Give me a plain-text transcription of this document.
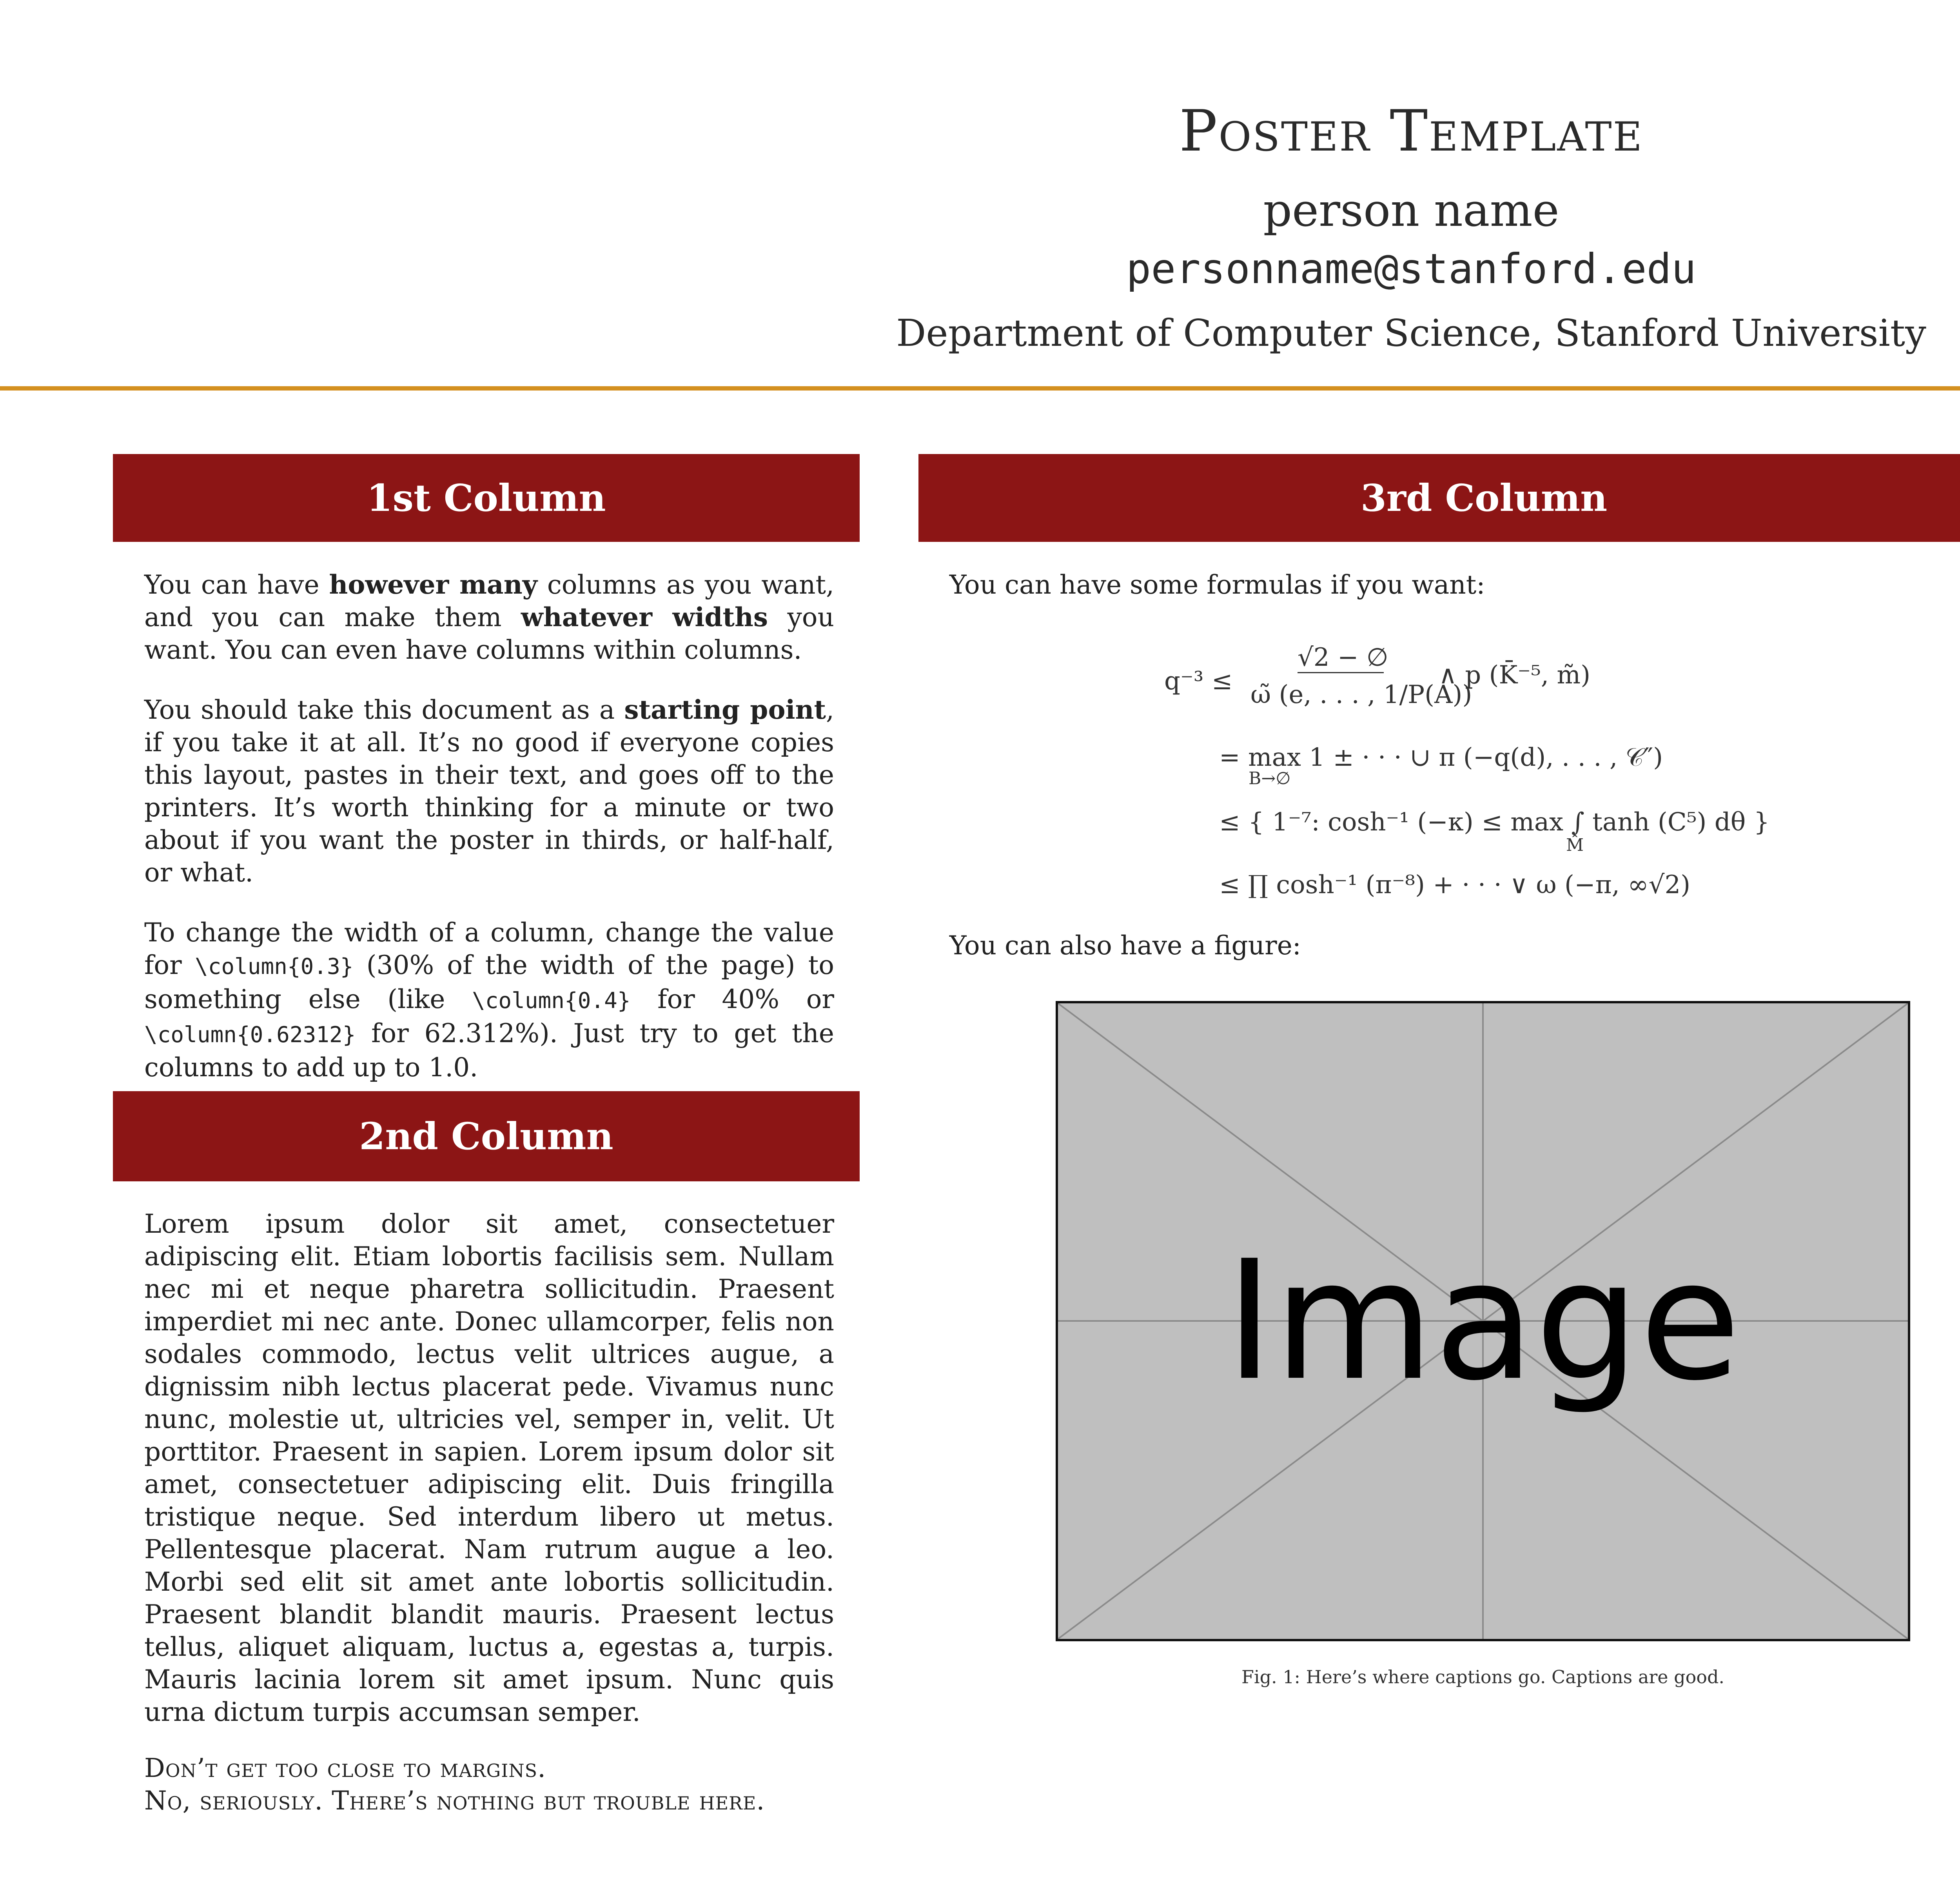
Poster Template
person name
personname@stanford.edu
Department of Computer Science, Stanford University
1st Column

You can have however many columns as you want, and you can make them whatever widths you want. You can even have columns within columns.

You should take this document as a starting point, if you take it at all. It’s no good if everyone copies this layout, pastes in their text, and goes off to the printers. It’s worth thinking for a minute or two about if you want the poster in thirds, or half-half, or what.

To change the width of a column, change the value for \column{0.3} (30% of the width of the page) to something else (like \column{0.4} for 40% or \column{0.62312} for 62.312%). Just try to get the columns to add up to 1.0.

2nd Column

Lorem ipsum dolor sit amet, consectetuer adipiscing elit. Etiam lobortis facilisis sem. Nullam nec mi et neque pharetra sollicitudin. Praesent imperdiet mi nec ante. Donec ullamcorper, felis non sodales commodo, lectus velit ultrices augue, a dignissim nibh lectus placerat pede. Vivamus nunc nunc, molestie ut, ultricies vel, semper in, velit. Ut porttitor. Praesent in sapien. Lorem ipsum dolor sit amet, consectetuer adipiscing elit. Duis fringilla tristique neque. Sed interdum libero ut metus. Pellentesque placerat. Nam rutrum augue a leo. Morbi sed elit sit amet ante lobortis sollicitudin. Praesent blandit blandit mauris. Praesent lectus tellus, aliquet aliquam, luctus a, egestas a, turpis. Mauris lacinia lorem sit amet ipsum. Nunc quis urna dictum turpis accumsan semper.

Don’t get too close to margins.
No, seriously. There’s nothing but trouble here.
3rd Column
You can have some formulas if you want:
q⁻³ ≤
√2 − ∅
ω̃ (e, . . . , 1/P(A))
∧ p (K̄⁻⁵, m̃)
= max 1 ± · · · ∪ π (−q(d), . . . , 𝒞″)
B→∅
≤ { 1⁻⁷: cosh⁻¹ (−κ) ≤ max ∫ tanh (C⁵) dθ }
M̂
≤ ∏ cosh⁻¹ (π⁻⁸) + · · · ∨ ω (−π, ∞√2)
You can also have a figure:
Image
Fig. 1: Here’s where captions go. Captions are good.
